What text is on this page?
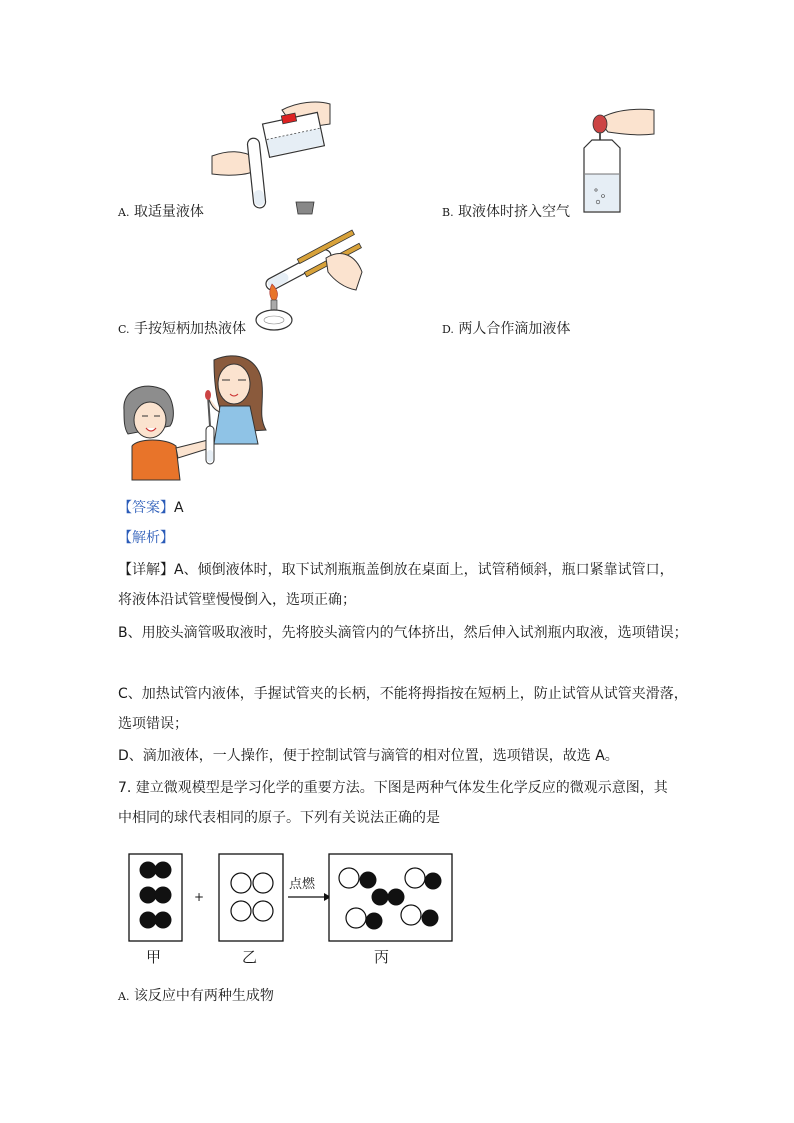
A. 取适量液体	B. 取液体时挤入空气
C. 手按短柄加热液体	D. 两人合作滴加液体
【答案】A
【解析】
【详解】A、倾倒液体时，取下试剂瓶瓶盖倒放在桌面上，试管稍倾斜，瓶口紧靠试管口，
将液体沿试管壁慢慢倒入，选项正确；
B、用胶头滴管吸取液时，先将胶头滴管内的气体挤出，然后伸入试剂瓶内取液，选项错误；
C、加热试管内液体，手握试管夹的长柄，不能将拇指按在短柄上，防止试管从试管夹滑落，
选项错误；
D、滴加液体，一人操作，便于控制试管与滴管的相对位置，选项错误，故选 A。
7. 建立微观模型是学习化学的重要方法。下图是两种气体发生化学反应的微观示意图，其
中相同的球代表相同的原子。下列有关说法正确的是
+
点燃
甲	乙	丙
A. 该反应中有两种生成物
